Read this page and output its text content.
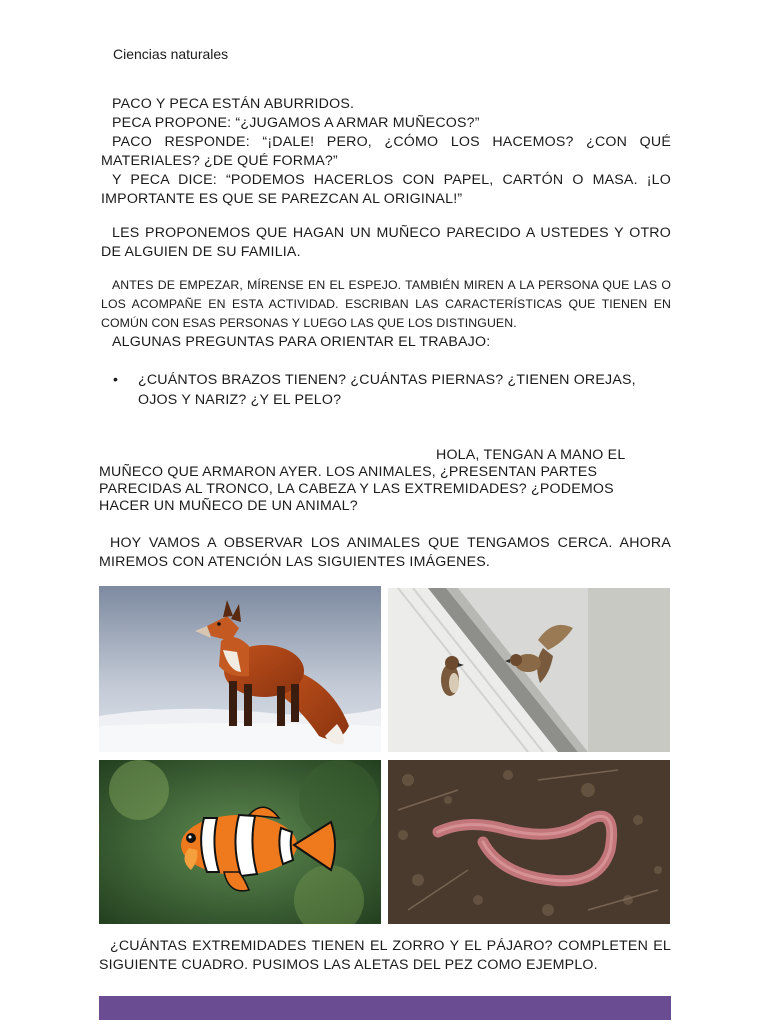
Ciencias naturales

PACO Y PECA ESTÁN ABURRIDOS.
PECA PROPONE: “¿JUGAMOS A ARMAR MUÑECOS?”
PACO RESPONDE: “¡DALE! PERO, ¿CÓMO LOS HACEMOS? ¿CON QUÉ MATERIALES? ¿DE QUÉ FORMA?”
Y PECA DICE: “PODEMOS HACERLOS CON PAPEL, CARTÓN O MASA. ¡LO IMPORTANTE ES QUE SE PAREZCAN AL ORIGINAL!”

LES PROPONEMOS QUE HAGAN UN MUÑECO PARECIDO A USTEDES Y OTRO DE ALGUIEN DE SU FAMILIA.

ANTES DE EMPEZAR, MÍRENSE EN EL ESPEJO. TAMBIÉN MIREN A LA PERSONA QUE LAS O LOS ACOMPAÑE EN ESTA ACTIVIDAD. ESCRIBAN LAS CARACTERÍSTICAS QUE TIENEN EN COMÚN CON ESAS PERSONAS Y LUEGO LAS QUE LOS DISTINGUEN.

ALGUNAS PREGUNTAS PARA ORIENTAR EL TRABAJO:

• ¿CUÁNTOS BRAZOS TIENEN? ¿CUÁNTAS PIERNAS? ¿TIENEN OREJAS, OJOS Y NARIZ? ¿Y EL PELO?

HOLA, TENGAN A MANO EL

MUÑECO QUE ARMARON AYER. LOS ANIMALES, ¿PRESENTAN PARTES
PARECIDAS AL TRONCO, LA CABEZA Y LAS EXTREMIDADES? ¿PODEMOS
HACER UN MUÑECO DE UN ANIMAL?

HOY VAMOS A OBSERVAR LOS ANIMALES QUE TENGAMOS CERCA. AHORA MIREMOS CON ATENCIÓN LAS SIGUIENTES IMÁGENES.

¿CUÁNTAS EXTREMIDADES TIENEN EL ZORRO Y EL PÁJARO? COMPLETEN EL SIGUIENTE CUADRO. PUSIMOS LAS ALETAS DEL PEZ COMO EJEMPLO.
